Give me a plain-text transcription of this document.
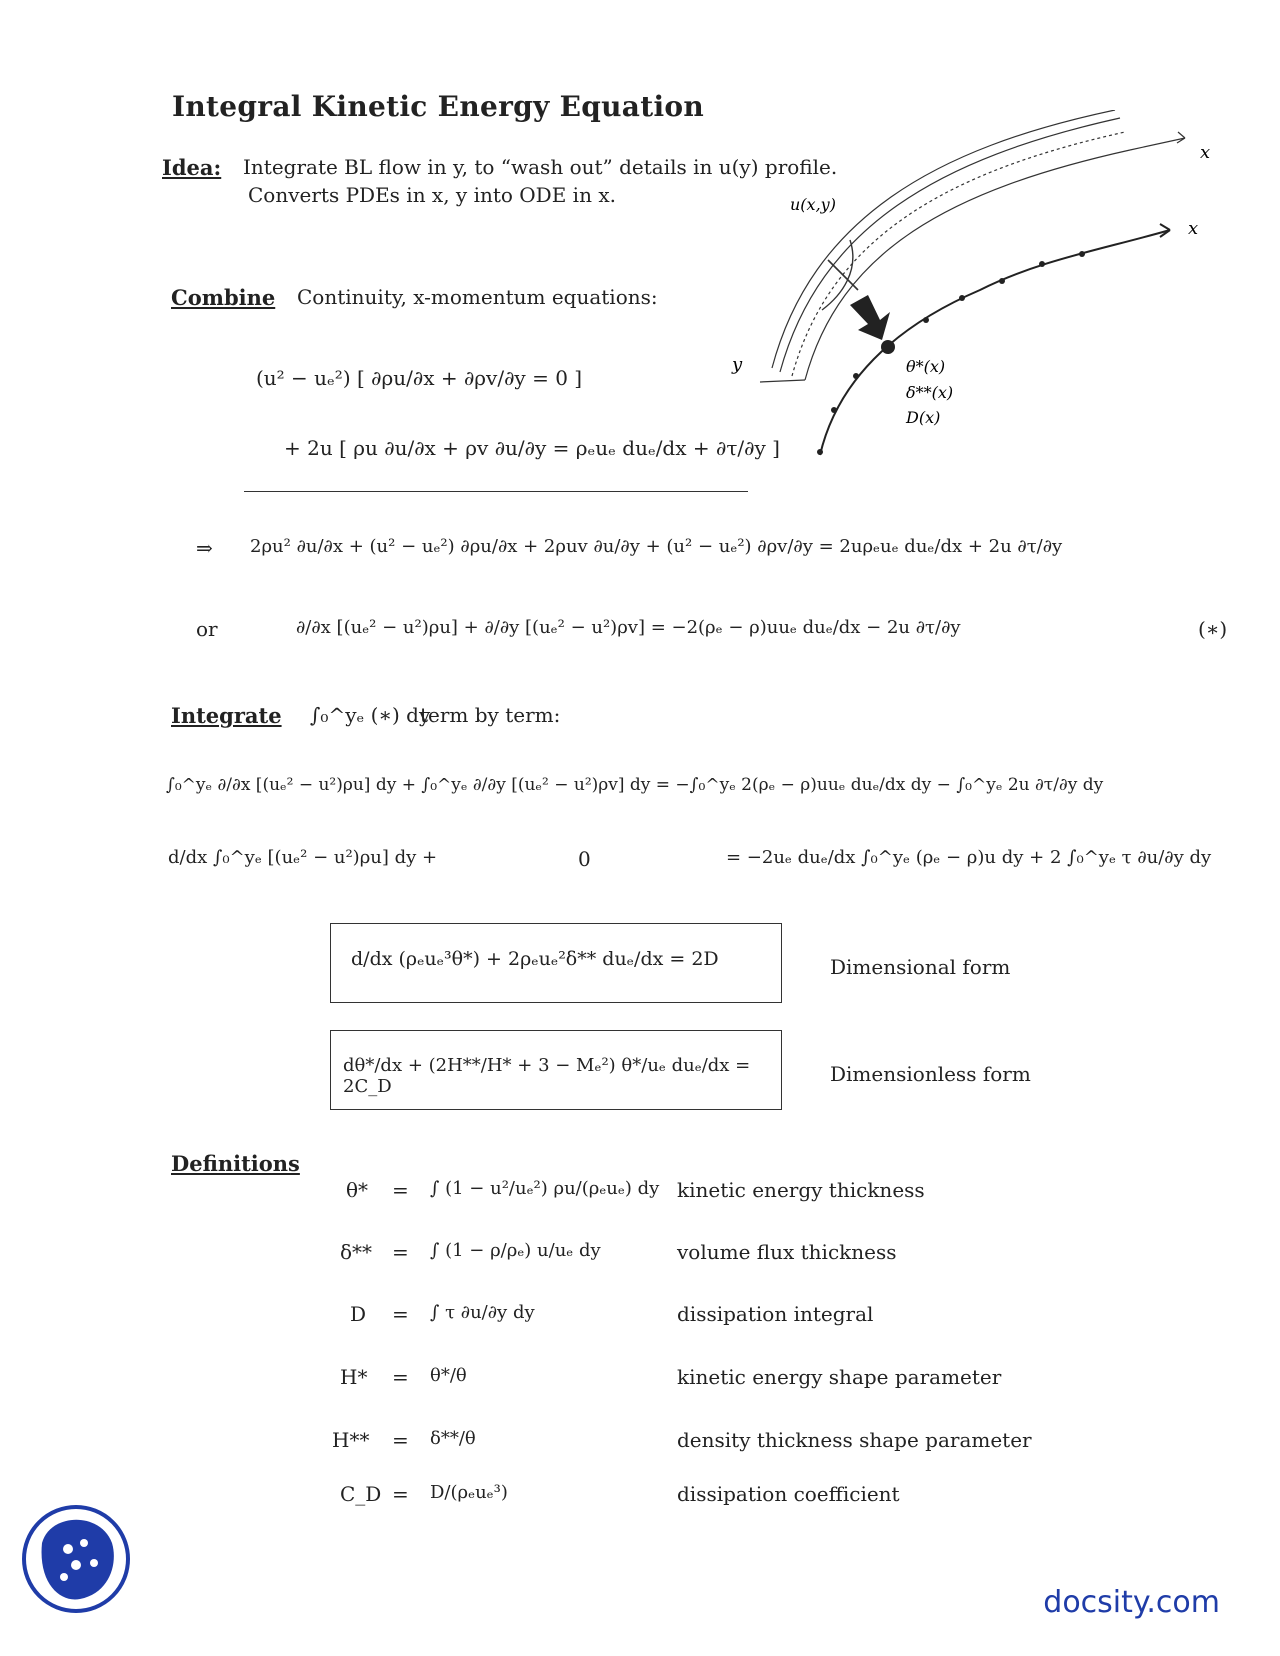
Integral Kinetic Energy Equation
Idea: Integrate BL flow in y, to “wash out” details in u(y) profile.
Converts PDEs in x, y into ODE in x.
Combine Continuity, x-momentum equations:
(u² − uₑ²) [ ∂ρu/∂x + ∂ρv/∂y = 0 ]
+ 2u [ ρu ∂u/∂x + ρv ∂u/∂y = ρₑuₑ duₑ/dx + ∂τ/∂y ]
⇒ 2ρu² ∂u/∂x + (u² − uₑ²) ∂ρu/∂x + 2ρuv ∂u/∂y + (u² − uₑ²) ∂ρv/∂y = 2uρₑuₑ duₑ/dx + 2u ∂τ/∂y
or	∂/∂x [(uₑ² − u²)ρu] + ∂/∂y [(uₑ² − u²)ρv] = −2(ρₑ − ρ)uuₑ duₑ/dx − 2u ∂τ/∂y	(∗)
Integrate ∫₀^yₑ (∗) dy
term by term:
∫₀^yₑ ∂/∂x [(uₑ² − u²)ρu] dy + ∫₀^yₑ ∂/∂y [(uₑ² − u²)ρv] dy = −∫₀^yₑ 2(ρₑ − ρ)uuₑ duₑ/dx dy − ∫₀^yₑ 2u ∂τ/∂y dy
d/dx ∫₀^yₑ [(uₑ² − u²)ρu] dy +	0	= −2uₑ duₑ/dx ∫₀^yₑ (ρₑ − ρ)u dy + 2 ∫₀^yₑ τ ∂u/∂y dy
d/dx (ρₑuₑ³θ*) + 2ρₑuₑ²δ** duₑ/dx = 2D	Dimensional form
dθ*/dx + (2H**/H* + 3 − Mₑ²) θ*/uₑ duₑ/dx = 2C_D
Dimensionless form
Definitions
θ* = ∫ (1 − u²/uₑ²) ρu/(ρₑuₑ) dy kinetic energy thickness
δ** = ∫ (1 − ρ/ρₑ) u/uₑ dy	volume flux thickness
D = ∫ τ ∂u/∂y dy	dissipation integral
H* = θ*/θ	kinetic energy shape parameter
H** = δ**/θ	density thickness shape parameter
C_D = D/(ρₑuₑ³)	dissipation coefficient
u(x,y)
x
x
y	θ*(x)
δ**(x)
D(x)
docsity.com
